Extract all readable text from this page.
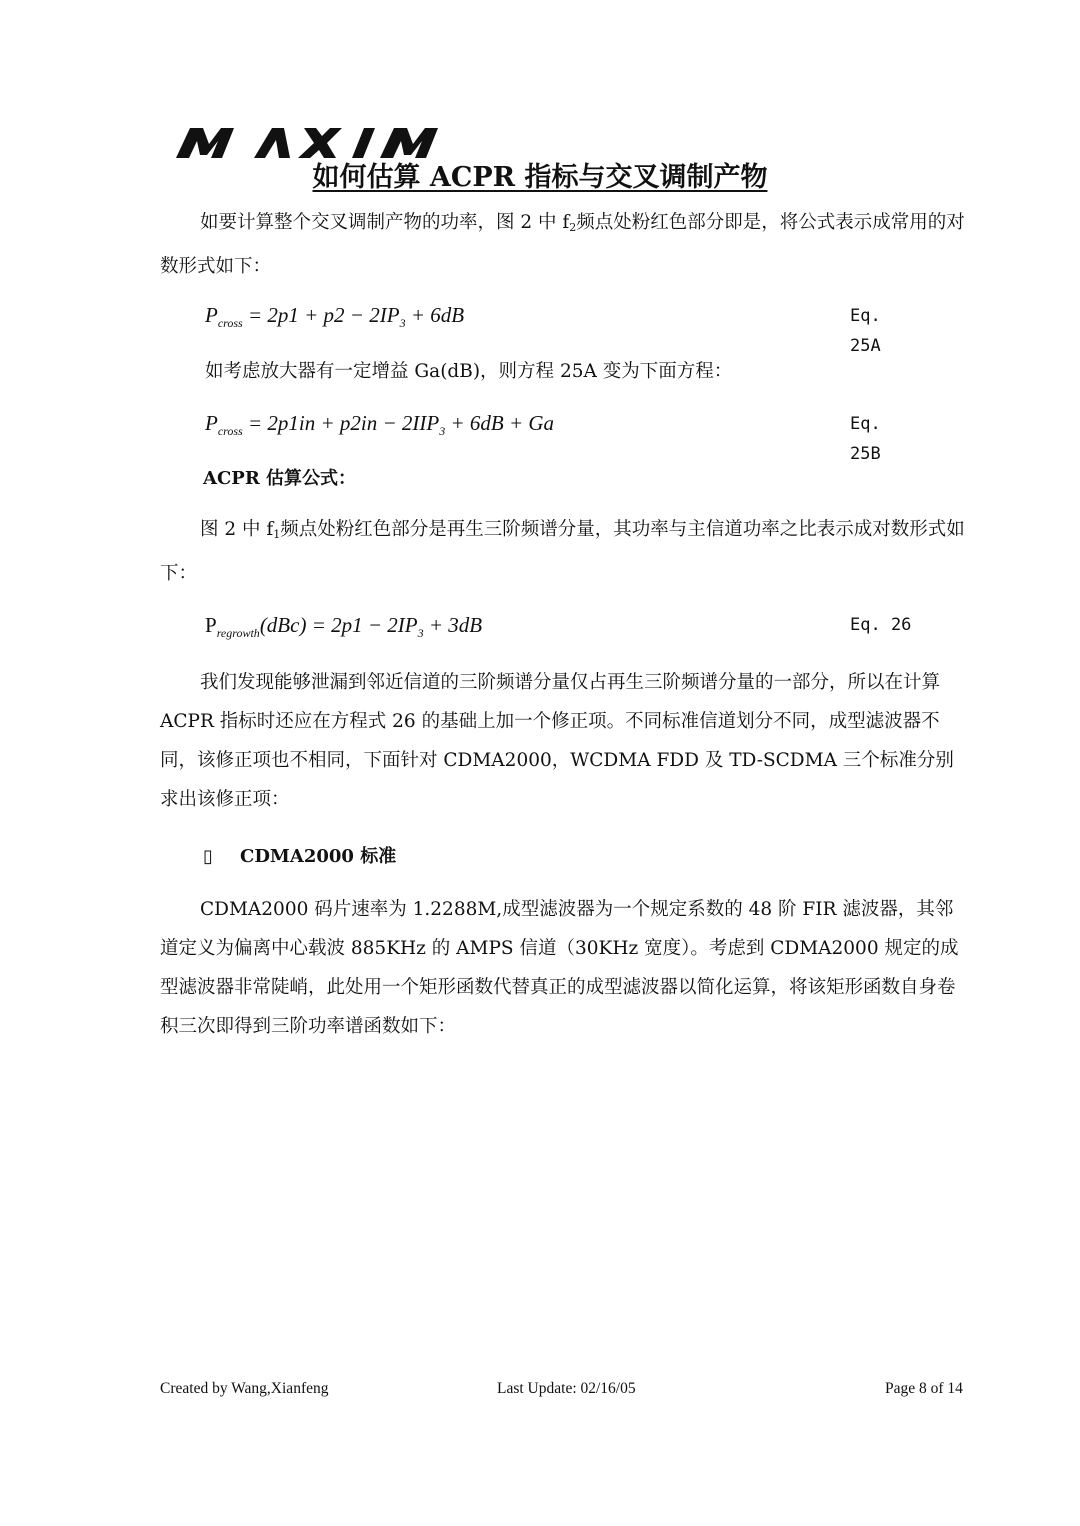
如何估算 ACPR 指标与交叉调制产物

如要计算整个交叉调制产物的功率，图 2 中 f2频点处粉红色部分即是，将公式表示成常用的对数形式如下：

$P_{cross} = 2p1 + p2 - 2IP_3 + 6dB$	Eq. 25A

如考虑放大器有一定增益 Ga(dB)，则方程 25A 变为下面方程：

$P_{cross} = 2p1in + p2in - 2IIP_3 + 6dB + Ga$	Eq. 25B
ACPR 估算公式：

图 2 中 f1频点处粉红色部分是再生三阶频谱分量，其功率与主信道功率之比表示成对数形式如下：

$P_{regrowth}(dBc) = 2p1 - 2IP_3 + 3dB$	Eq. 26

我们发现能够泄漏到邻近信道的三阶频谱分量仅占再生三阶频谱分量的一部分，所以在计算 ACPR 指标时还应在方程式 26 的基础上加一个修正项。不同标准信道划分不同，成型滤波器不同，该修正项也不相同，下面针对 CDMA2000，WCDMA FDD 及 TD-SCDMA 三个标准分别求出该修正项：

▯ CDMA2000 标准

CDMA2000 码片速率为 1.2288M,成型滤波器为一个规定系数的 48 阶 FIR 滤波器，其邻道定义为偏离中心载波 885KHz 的 AMPS 信道（30KHz 宽度）。考虑到 CDMA2000 规定的成型滤波器非常陡峭，此处用一个矩形函数代替真正的成型滤波器以简化运算，将该矩形函数自身卷积三次即得到三阶功率谱函数如下：

Created by Wang,Xianfeng	Last Update: 02/16/05	Page 8 of 14
